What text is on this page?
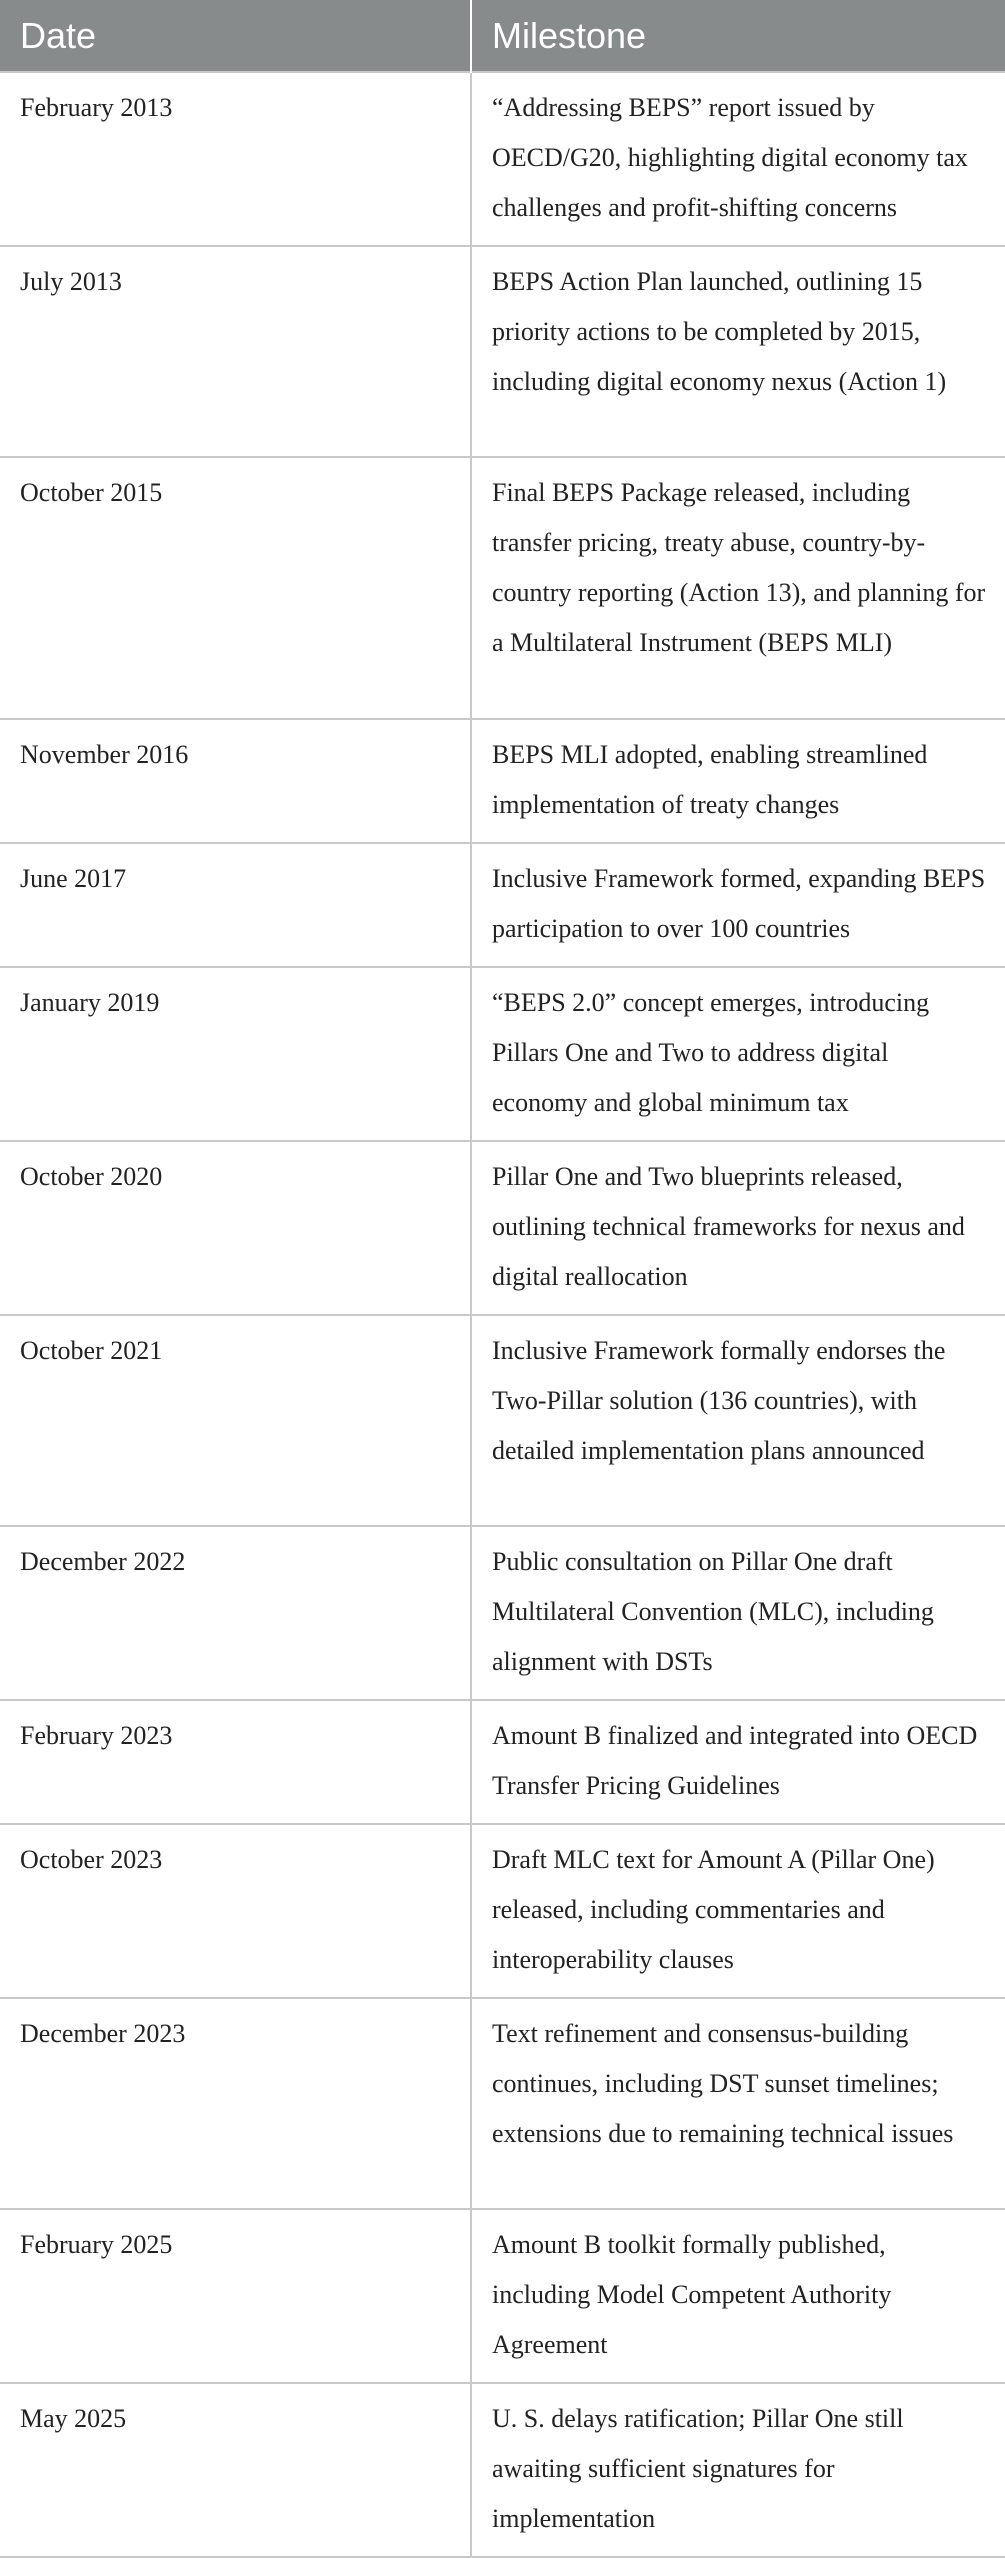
Date	Milestone
February 2013	“Addressing BEPS” report issued by OECD/G20, highlighting digital economy tax challenges and profit-shifting concerns
July 2013	BEPS Action Plan launched, outlining 15 priority actions to be completed by 2015, including digital economy nexus (Action 1)
October 2015	Final BEPS Package released, including transfer pricing, treaty abuse, country-by-country reporting (Action 13), and planning for a Multilateral Instrument (BEPS MLI)
November 2016	BEPS MLI adopted, enabling streamlined implementation of treaty changes
June 2017	Inclusive Framework formed, expanding BEPS participation to over 100 countries
January 2019	“BEPS 2.0” concept emerges, introducing Pillars One and Two to address digital economy and global minimum tax
October 2020	Pillar One and Two blueprints released, outlining technical frameworks for nexus and digital reallocation
October 2021	Inclusive Framework formally endorses the Two-Pillar solution (136 countries), with detailed implementation plans announced
December 2022	Public consultation on Pillar One draft Multilateral Convention (MLC), including alignment with DSTs
February 2023	Amount B finalized and integrated into OECD Transfer Pricing Guidelines
October 2023	Draft MLC text for Amount A (Pillar One) released, including commentaries and interoperability clauses
December 2023	Text refinement and consensus-building continues, including DST sunset timelines; extensions due to remaining technical issues
February 2025	Amount B toolkit formally published, including Model Competent Authority Agreement
May 2025	U. S. delays ratification; Pillar One still awaiting sufficient signatures for implementation
